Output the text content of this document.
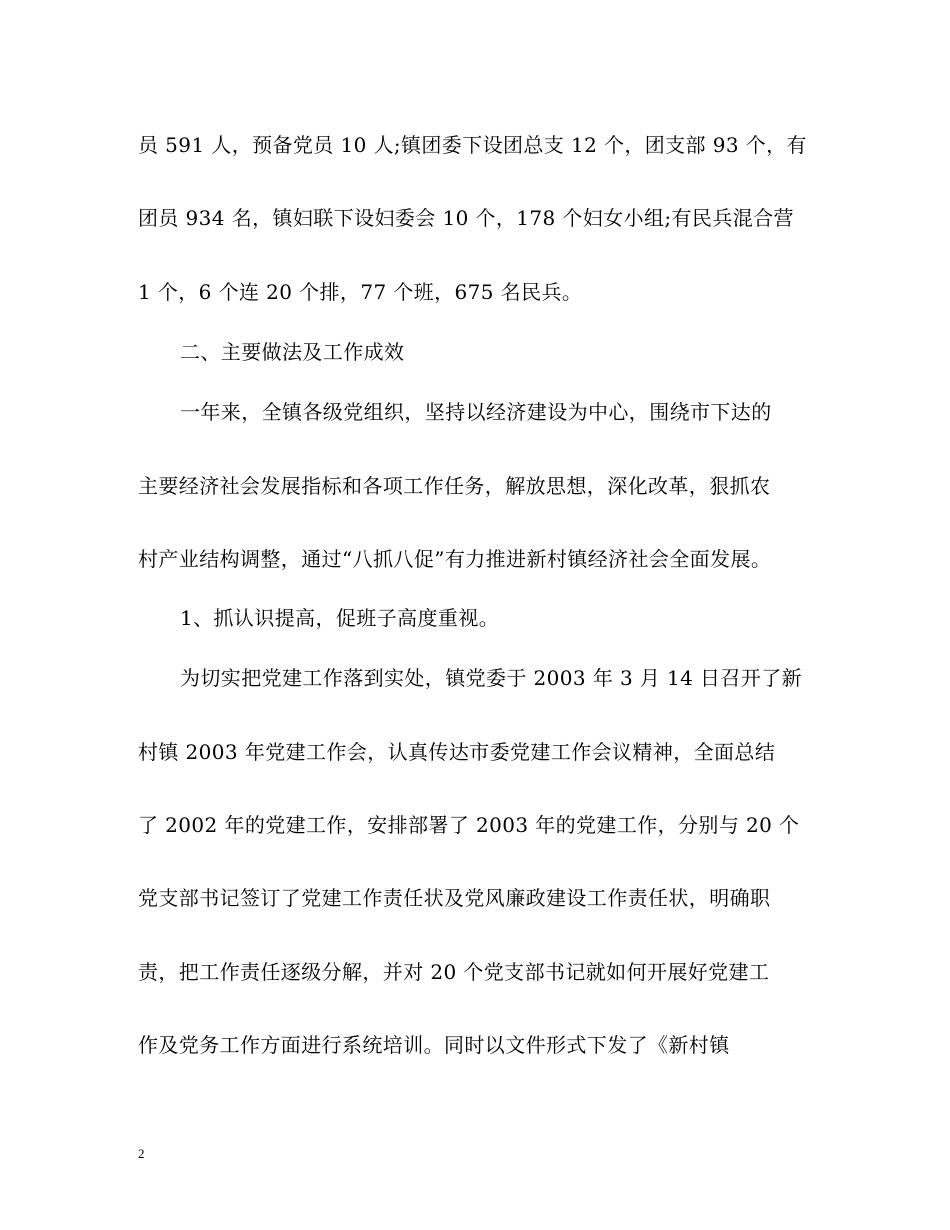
员 591 人，预备党员 10 人;镇团委下设团总支 12 个，团支部 93 个，有
团员 934 名，镇妇联下设妇委会 10 个，178 个妇女小组;有民兵混合营
1 个，6 个连 20 个排，77 个班，675 名民兵。
二、主要做法及工作成效
一年来，全镇各级党组织，坚持以经济建设为中心，围绕市下达的
主要经济社会发展指标和各项工作任务，解放思想，深化改革，狠抓农
村产业结构调整，通过“八抓八促”有力推进新村镇经济社会全面发展。
1、抓认识提高，促班子高度重视。
为切实把党建工作落到实处，镇党委于 2003 年 3 月 14 日召开了新
村镇 2003 年党建工作会，认真传达市委党建工作会议精神，全面总结
了 2002 年的党建工作，安排部署了 2003 年的党建工作，分别与 20 个
党支部书记签订了党建工作责任状及党风廉政建设工作责任状，明确职
责，把工作责任逐级分解，并对 20 个党支部书记就如何开展好党建工
作及党务工作方面进行系统培训。同时以文件形式下发了《新村镇
2
